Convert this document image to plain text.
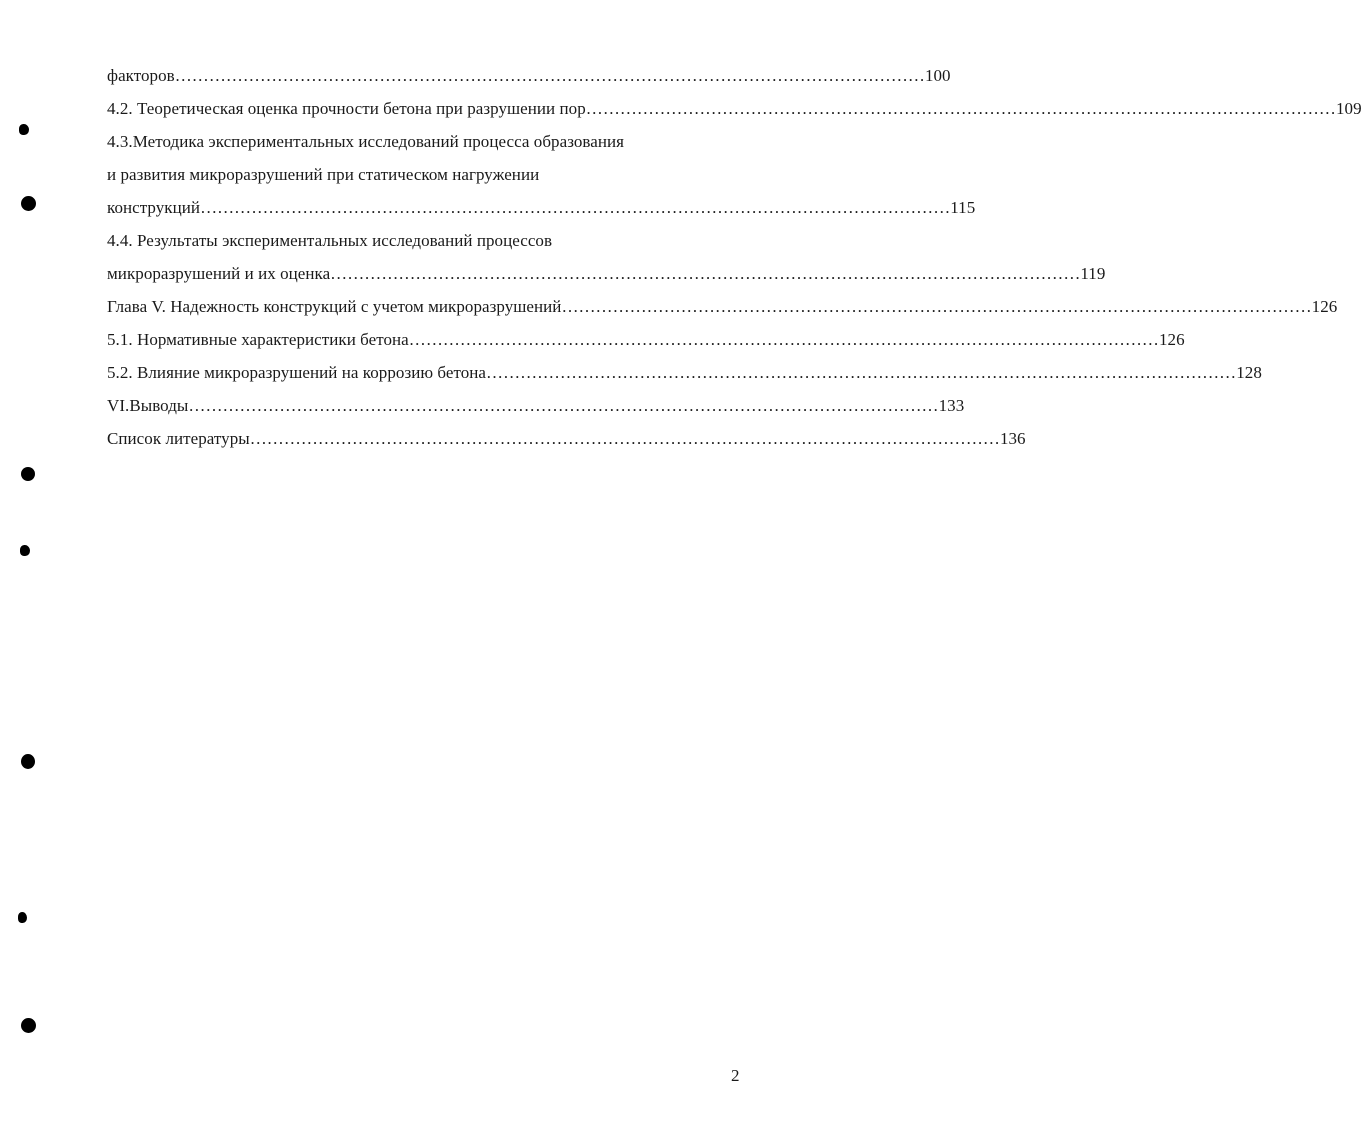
факторов …………………………………………………………………………………………………………………… 100
4.2. Теоретическая оценка прочности бетона при разрушении пор …………………………………………………………………………………………………………………… 109
4.3.Методика экспериментальных исследований процесса образования
и развития микроразрушений при статическом нагружении
конструкций …………………………………………………………………………………………………………………… 115
4.4. Результаты экспериментальных исследований процессов
микроразрушений и их оценка …………………………………………………………………………………………………………………… 119
Глава V. Надежность конструкций с учетом микроразрушений …………………………………………………………………………………………………………………… 126
5.1. Нормативные характеристики бетона …………………………………………………………………………………………………………………… 126
5.2. Влияние микроразрушений на коррозию бетона …………………………………………………………………………………………………………………… 128
VI.Выводы …………………………………………………………………………………………………………………… 133
Список литературы …………………………………………………………………………………………………………………… 136
2
